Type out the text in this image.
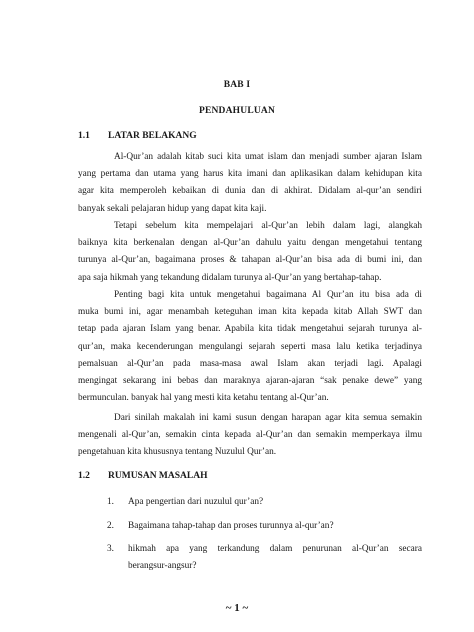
BAB I
PENDAHULUAN
1.1 LATAR BELAKANG
Al-Qur’an adalah kitab suci kita umat islam dan menjadi sumber ajaran Islam
yang pertama dan utama yang harus kita imani dan aplikasikan dalam kehidupan kita
agar kita memperoleh kebaikan di dunia dan di akhirat. Didalam al-qur’an sendiri
banyak sekali pelajaran hidup yang dapat kita kaji.
Tetapi sebelum kita mempelajari al-Qur’an lebih dalam lagi, alangkah
baiknya kita berkenalan dengan al-Qur’an dahulu yaitu dengan mengetahui tentang
turunya al-Qur’an, bagaimana proses & tahapan al-Qur’an bisa ada di bumi ini, dan
apa saja hikmah yang tekandung didalam turunya al-Qur’an yang bertahap-tahap.
Penting bagi kita untuk mengetahui bagaimana Al Qur’an itu bisa ada di
muka bumi ini, agar menambah keteguhan iman kita kepada kitab Allah SWT dan
tetap pada ajaran Islam yang benar. Apabila kita tidak mengetahui sejarah turunya al-
qur’an, maka kecenderungan mengulangi sejarah seperti masa lalu ketika terjadinya
pemalsuan al-Qur’an pada masa-masa awal Islam akan terjadi lagi. Apalagi
mengingat sekarang ini bebas dan maraknya ajaran-ajaran “sak penake dewe” yang
bermunculan. banyak hal yang mesti kita ketahu tentang al-Qur’an.
Dari sinilah makalah ini kami susun dengan harapan agar kita semua semakin
mengenali al-Qur’an, semakin cinta kepada al-Qur’an dan semakin memperkaya ilmu
pengetahuan kita khususnya tentang Nuzulul Qur’an.
1.2 RUMUSAN MASALAH
1. Apa pengertian dari nuzulul qur’an?
2. Bagaimana tahap-tahap dan proses turunnya al-qur’an?
3. hikmah apa yang terkandung dalam penurunan al-Qur’an secara
berangsur-angsur?
~ 1 ~
